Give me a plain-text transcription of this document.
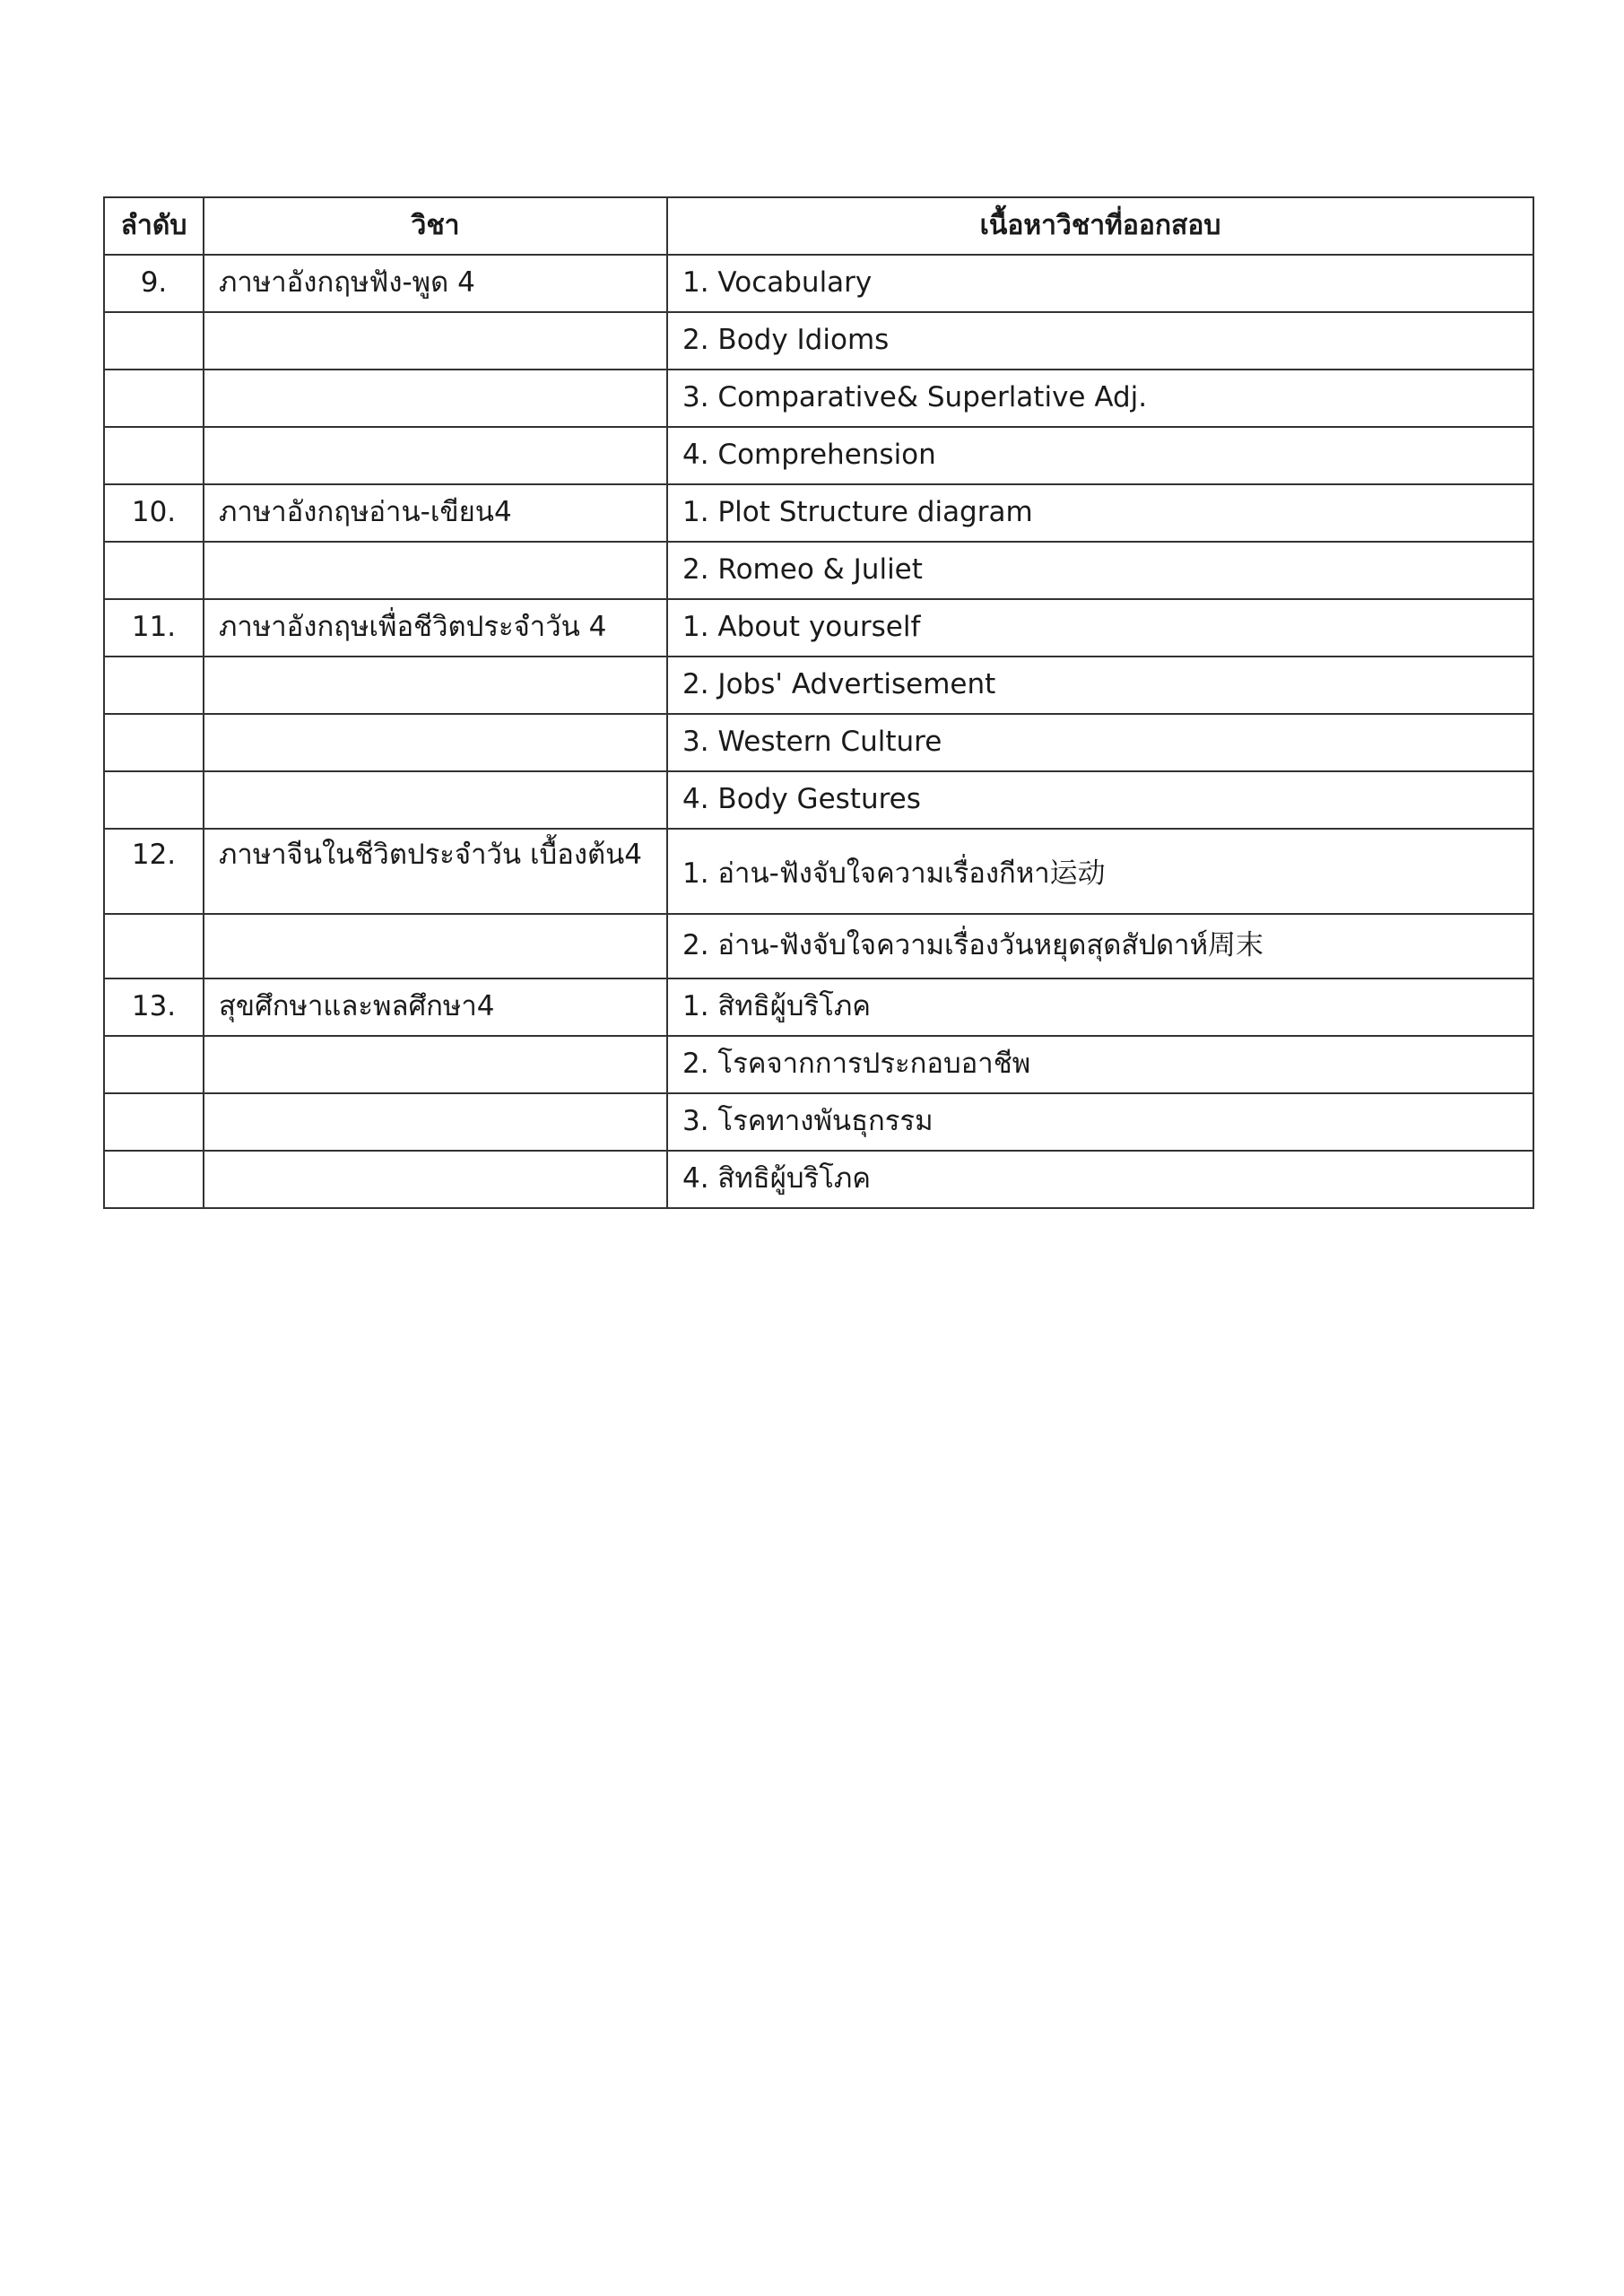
ลำดับ	วิชา	เนื้อหาวิชาที่ออกสอบ
9.	ภาษาอังกฤษฟัง-พูด 4	1. Vocabulary
		2. Body Idioms
		3. Comparative& Superlative Adj.
		4. Comprehension
10.	ภาษาอังกฤษอ่าน-เขียน4	1. Plot Structure diagram
		2. Romeo & Juliet
11.	ภาษาอังกฤษเพื่อชีวิตประจำวัน 4	1. About yourself
		2. Jobs' Advertisement
		3. Western Culture
		4. Body Gestures
12.	ภาษาจีนในชีวิตประจำวัน เบื้องต้น4	1. อ่าน-ฟังจับใจความเรื่องกีหา运动
		2. อ่าน-ฟังจับใจความเรื่องวันหยุดสุดสัปดาห์周末
13.	สุขศึกษาและพลศึกษา4	1. สิทธิผู้บริโภค
		2. โรคจากการประกอบอาชีพ
		3. โรคทางพันธุกรรม
		4. สิทธิผู้บริโภค
